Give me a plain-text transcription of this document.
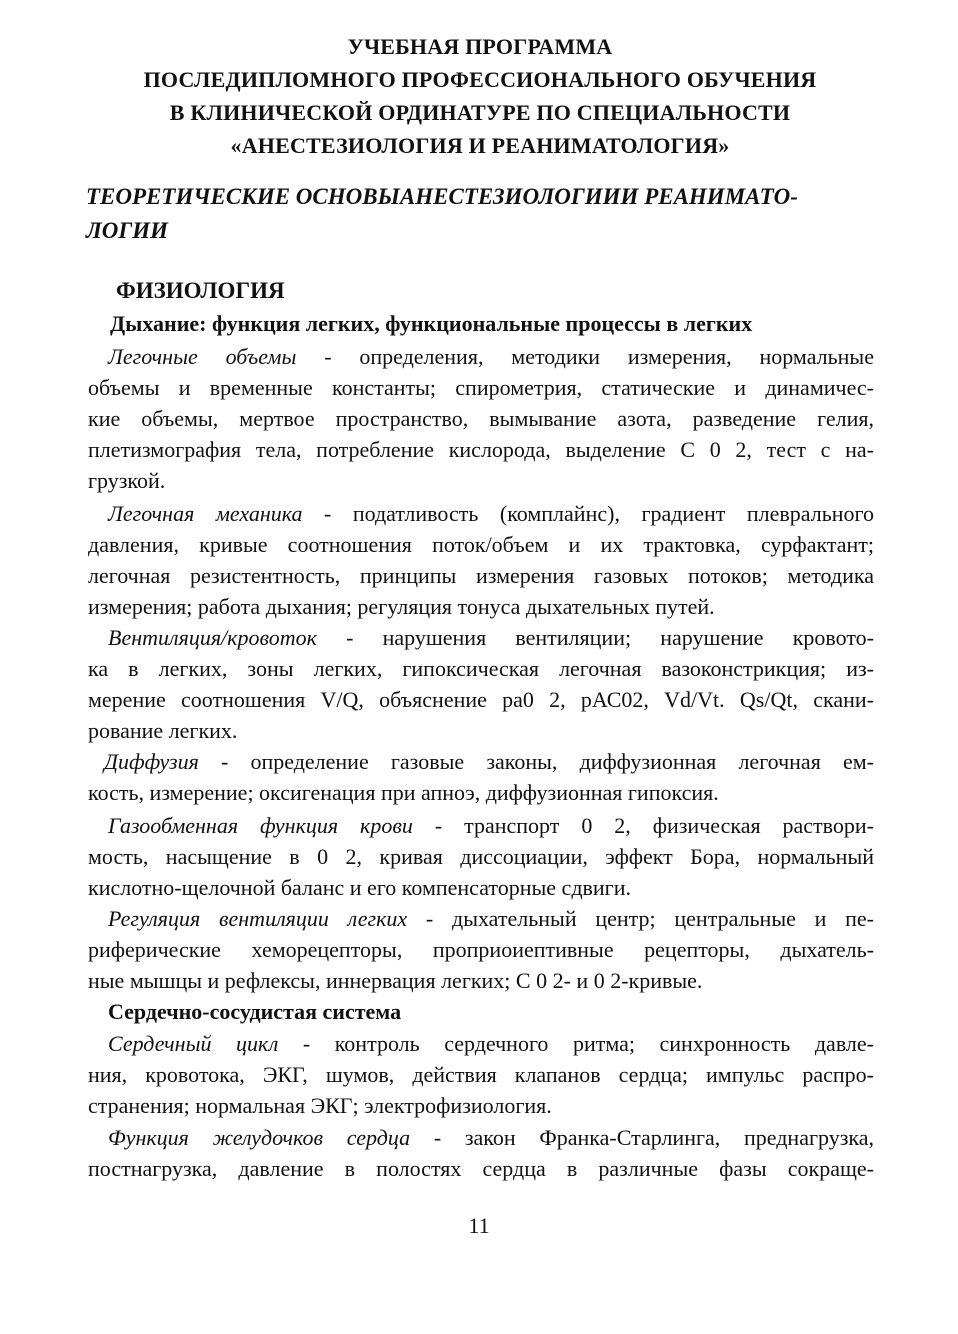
УЧЕБНАЯ ПРОГРАММА
ПОСЛЕДИПЛОМНОГО ПРОФЕССИОНАЛЬНОГО ОБУЧЕНИЯ
В КЛИНИЧЕСКОЙ ОРДИНАТУРЕ ПО СПЕЦИАЛЬНОСТИ
«АНЕСТЕЗИОЛОГИЯ И РЕАНИМАТОЛОГИЯ»
ТЕОРЕТИЧЕСКИЕ ОСНОВЫАНЕСТЕЗИОЛОГИИИ РЕАНИМАТО-
ЛОГИИ
ФИЗИОЛОГИЯ
Дыхание: функция легких, функциональные процессы в легких
Легочные объемы - определения, методики измерения, нормальные
объемы и временные константы; спирометрия, статические и динамичес-
кие объемы, мертвое пространство, вымывание азота, разведение гелия,
плетизмография тела, потребление кислорода, выделение С 0 2, тест с на-
грузкой.
Легочная механика - податливость (комплайнс), градиент плеврального
давления, кривые соотношения поток/объем и их трактовка, сурфактант;
легочная резистентность, принципы измерения газовых потоков; методика
измерения; работа дыхания; регуляция тонуса дыхательных путей.
Вентиляция/кровоток - нарушения вентиляции; нарушение кровото-
ка в легких, зоны легких, гипоксическая легочная вазоконстрикция; из-
мерение соотношения V/Q, объяснение ра0 2, рАС02, Vd/Vt. Qs/Qt, скани-
рование легких.
Диффузия - определение газовые законы, диффузионная легочная ем-
кость, измерение; оксигенация при апноэ, диффузионная гипоксия.
Газообменная функция крови - транспорт 0 2, физическая раствори-
мость, насыщение в 0 2, кривая диссоциации, эффект Бора, нормальный
кислотно-щелочной баланс и его компенсаторные сдвиги.
Регуляция вентиляции легких - дыхательный центр; центральные и пе-
риферические хеморецепторы, проприоиептивные рецепторы, дыхатель-
ные мышцы и рефлексы, иннервация легких; С 0 2- и 0 2-кривые.
Сердечно-сосудистая система
Сердечный цикл - контроль сердечного ритма; синхронность давле-
ния, кровотока, ЭКГ, шумов, действия клапанов сердца; импульс распро-
странения; нормальная ЭКГ; электрофизиология.
Функция желудочков сердца - закон Франка-Старлинга, преднагрузка,
постнагрузка, давление в полостях сердца в различные фазы сокраще-
11
